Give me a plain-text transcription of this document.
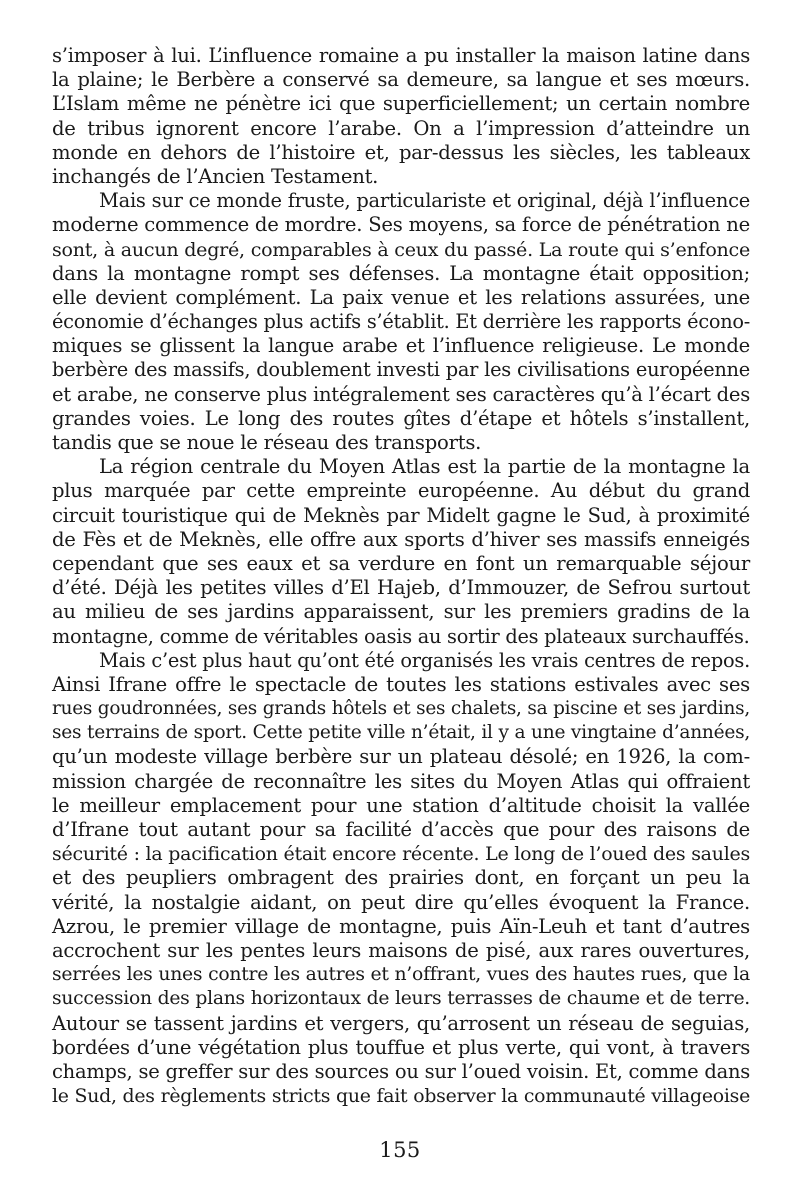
s’imposer à lui. L’influence romaine a pu installer la maison latine dans
la plaine; le Berbère a conservé sa demeure, sa langue et ses mœurs.
L’Islam même ne pénètre ici que superficiellement; un certain nombre
de tribus ignorent encore l’arabe. On a l’impression d’atteindre un
monde en dehors de l’histoire et, par-dessus les siècles, les tableaux
inchangés de l’Ancien Testament.
Mais sur ce monde fruste, particulariste et original, déjà l’influence
moderne commence de mordre. Ses moyens, sa force de pénétration ne
sont, à aucun degré, comparables à ceux du passé. La route qui s’enfonce
dans la montagne rompt ses défenses. La montagne était opposition;
elle devient complément. La paix venue et les relations assurées, une
économie d’échanges plus actifs s’établit. Et derrière les rapports écono-
miques se glissent la langue arabe et l’influence religieuse. Le monde
berbère des massifs, doublement investi par les civilisations européenne
et arabe, ne conserve plus intégralement ses caractères qu’à l’écart des
grandes voies. Le long des routes gîtes d’étape et hôtels s’installent,
tandis que se noue le réseau des transports.
La région centrale du Moyen Atlas est la partie de la montagne la
plus marquée par cette empreinte européenne. Au début du grand
circuit touristique qui de Meknès par Midelt gagne le Sud, à proximité
de Fès et de Meknès, elle offre aux sports d’hiver ses massifs enneigés
cependant que ses eaux et sa verdure en font un remarquable séjour
d’été. Déjà les petites villes d’El Hajeb, d’Immouzer, de Sefrou surtout
au milieu de ses jardins apparaissent, sur les premiers gradins de la
montagne, comme de véritables oasis au sortir des plateaux surchauffés.
Mais c’est plus haut qu’ont été organisés les vrais centres de repos.
Ainsi Ifrane offre le spectacle de toutes les stations estivales avec ses
rues goudronnées, ses grands hôtels et ses chalets, sa piscine et ses jardins,
ses terrains de sport. Cette petite ville n’était, il y a une vingtaine d’années,
qu’un modeste village berbère sur un plateau désolé; en 1926, la com-
mission chargée de reconnaître les sites du Moyen Atlas qui offraient
le meilleur emplacement pour une station d’altitude choisit la vallée
d’Ifrane tout autant pour sa facilité d’accès que pour des raisons de
sécurité : la pacification était encore récente. Le long de l’oued des saules
et des peupliers ombragent des prairies dont, en forçant un peu la
vérité, la nostalgie aidant, on peut dire qu’elles évoquent la France.
Azrou, le premier village de montagne, puis Aïn-Leuh et tant d’autres
accrochent sur les pentes leurs maisons de pisé, aux rares ouvertures,
serrées les unes contre les autres et n’offrant, vues des hautes rues, que la
succession des plans horizontaux de leurs terrasses de chaume et de terre.
Autour se tassent jardins et vergers, qu’arrosent un réseau de seguias,
bordées d’une végétation plus touffue et plus verte, qui vont, à travers
champs, se greffer sur des sources ou sur l’oued voisin. Et, comme dans
le Sud, des règlements stricts que fait observer la communauté villageoise
155
